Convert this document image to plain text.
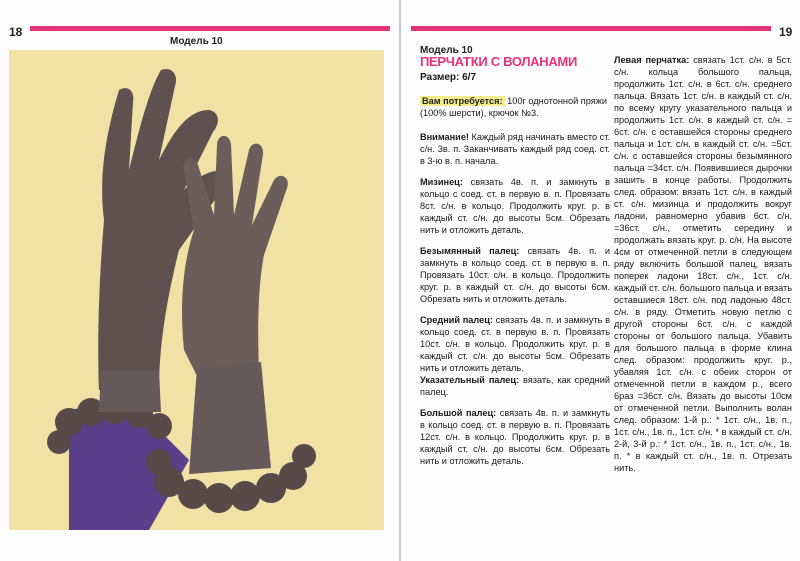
18
Модель 10
19
Модель 10
ПЕРЧАТКИ С ВОЛАНАМИ
Размер: 6/7
Вам потребуется: 100г однотонной пряжи (100% шерсти), крючок №3.

Внимание! Каждый ряд начинать вместо ст. с/н. 3в. п. Заканчивать каждый ряд соед. ст. в 3-ю в. п. начала.

Мизинец: связать 4в. п. и замкнуть в кольцо с соед. ст. в первую в. п. Провязать 8ст. с/н. в кольцо. Продолжить круг. р. в каждый ст. с/н. до высоты 5см. Обрезать нить и отложить деталь.

Безымянный палец: связать 4в. п. и замкнуть в кольцо соед. ст. в первую в. п. Провязать 10ст. с/н. в кольцо. Продолжить круг. р. в каждый ст. с/н. до высоты 6см. Обрезать нить и отложить деталь.

Средний палец: связать 4в. п. и замкнуть в кольцо соед. ст. в первую в. п. Провязать 10ст. с/н. в кольцо. Продолжить круг. р. в каждый ст. с/н. до высоты 5см. Обрезать нить и отложить деталь.

Указательный палец: вязать, как средний палец.

Большой палец: связать 4в. п. и замкнуть в кольцо соед. ст. в первую в. п. Провязать 12ст. с/н. в кольцо. Продолжить круг. р. в каждый ст. с/н. до высоты 6см. Обрезать нить и отложить деталь.

Левая перчатка: связать 1ст. с/н. в 5ст. с/н. кольца большого пальца, продолжить 1ст. с/н. в 6ст. с/н. среднего пальца. Вязать 1ст. с/н. в каждый ст. с/н. по всему кругу указательного пальца и продолжить 1ст. с/н. в каждый ст. с/н. = 6ст. с/н. с оставшейся стороны среднего пальца и 1ст. с/н. в каждый ст. с/н. =5ст. с/н. с оставшейся стороны безымянного пальца =34ст. с/н. Появившиеся дырочки зашить в конце работы. Продолжить след. образом: вязать 1ст. с/н. в каждый ст. с/н. мизинца и продолжить вокруг ладони, равномерно убавив 6ст. с/н. =36ст. с/н., отметить середину и продолжать вязать круг. р. с/н. На высоте 4см от отмеченной петли в следующем ряду включить большой палец, вязать поперек ладони 18ст. с/н., 1ст. с/н. каждый ст. с/н. большого пальца и вязать оставшиеся 18ст. с/н. под ладонью 48ст. с/н. в ряду. Отметить новую петлю с другой стороны 6ст. с/н. с каждой стороны от большого пальца. Убавить для большого пальца в форме клина след. образом: продолжить круг. р., убавляя 1ст. с/н. с обеих сторон от отмеченной петли в каждом р., всего 6раз =36ст. с/н. Вязать до высоты 10см от отмеченной петли. Выполнить волан след. образом: 1-й р.: * 1ст. с/н., 1в. п., 1ст. с/н., 1в. п., 1ст. с/н. * в каждый ст. с/н. 2-й, 3-й р.: * 1ст. с/н., 1в. п., 1ст. с/н., 1в. п. * в каждый ст. с/н., 1в. п. Отрезать нить.
